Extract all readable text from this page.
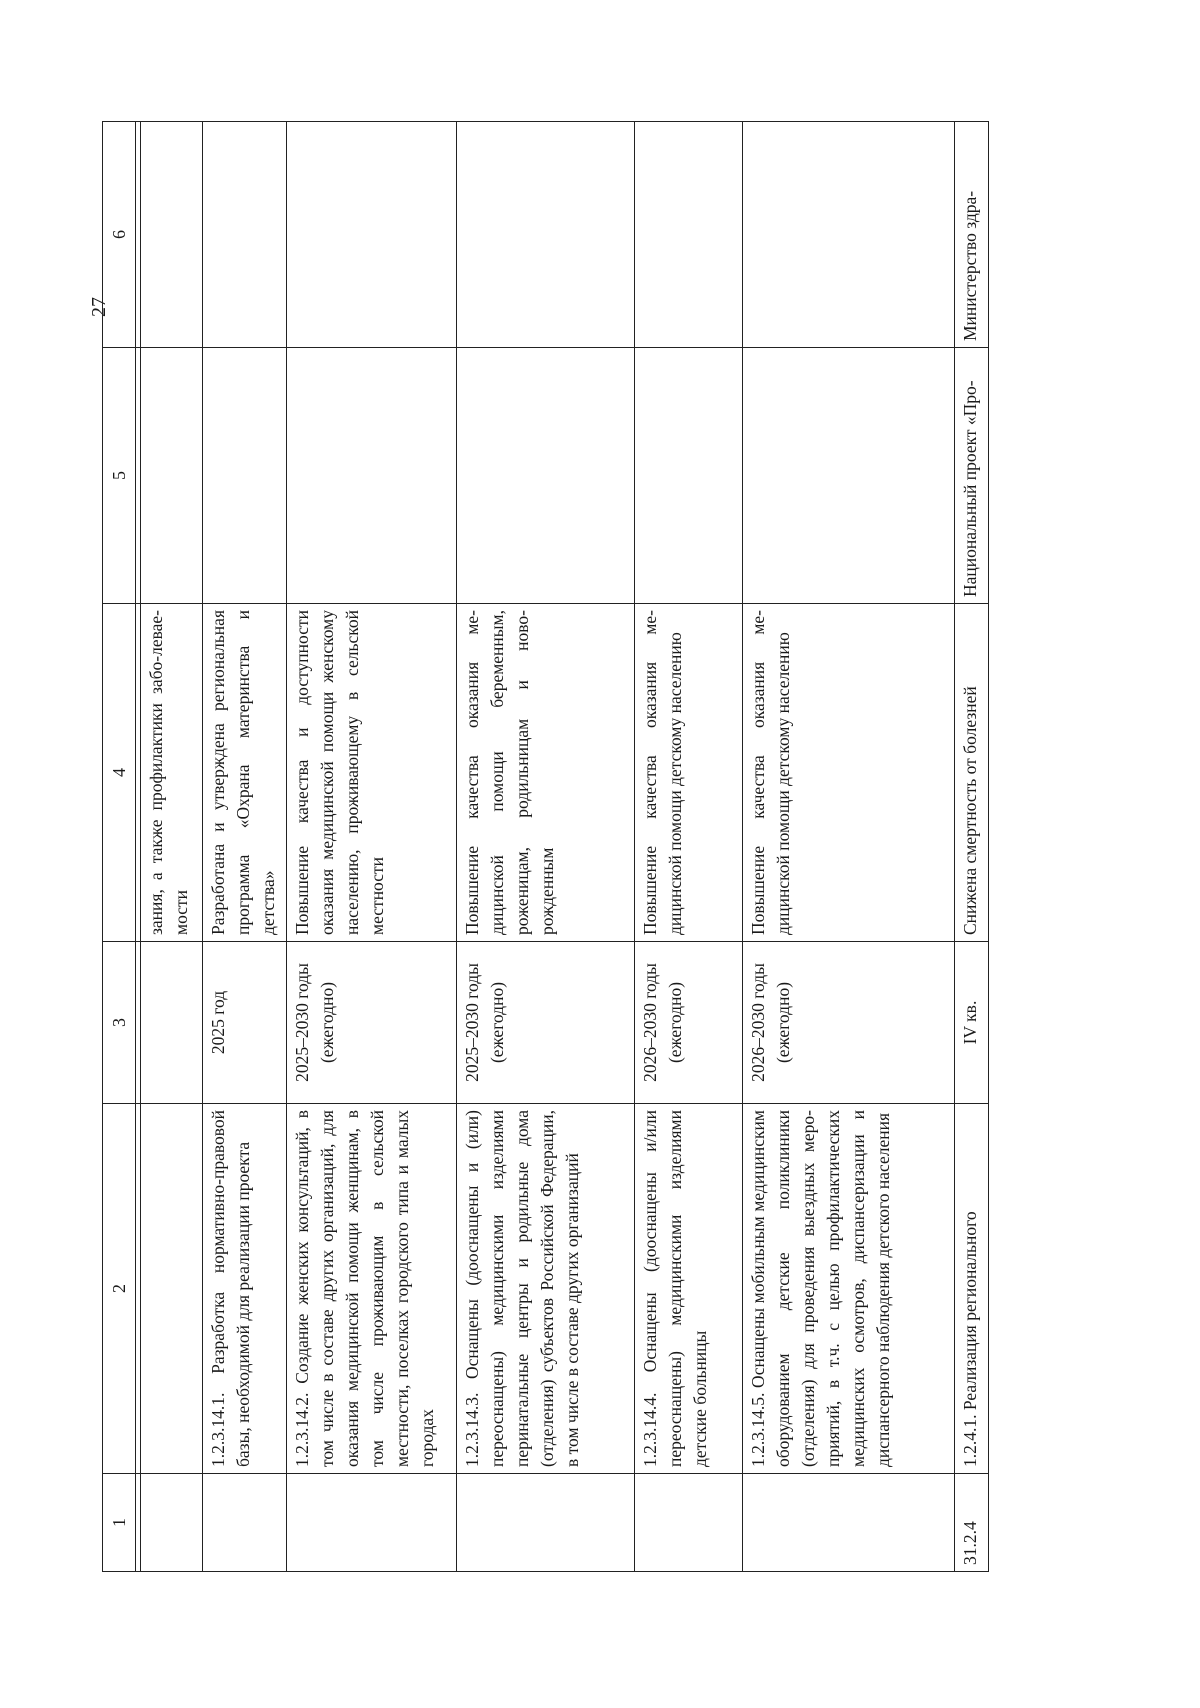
27
1	2	3	4	5	6

			зания, а также профилактики забо-леваемости		
	1.2.3.14.1. Разработка нормативно-правовой базы, необходимой для реализации проекта	2025 год	Разработана и утверждена региональная программа «Охрана материнства и детства»		
	1.2.3.14.2. Создание женских консультаций, в том числе в составе других организаций, для оказания медицинской помощи женщинам, в том числе проживающим в сельской местности, поселках городского типа и малых городах	2025–2030 годы (ежегодно)	Повышение качества и доступности оказания медицинской помощи женскому населению, проживающему в сельской местности		
	1.2.3.14.3. Оснащены (дооснащены и (или) переоснащены) медицинскими изделиями перинатальные центры и родильные дома (отделения) субъектов Российской Федерации, в том числе в составе других организаций	2025–2030 годы (ежегодно)	Повышение качества оказания медицинской помощи беременным, роженицам, родильницам и новорожденным		
	1.2.3.14.4. Оснащены (дооснащены и/или переоснащены) медицинскими изделиями детские больницы	2026–2030 годы (ежегодно)	Повышение качества оказания медицинской помощи детскому населению		
	1.2.3.14.5. Оснащены мобильным медицинским оборудованием детские поликлиники (отделения) для проведения выездных мероприятий, в т.ч. с целью профилактических медицинских осмотров, диспансеризации и диспансерного наблюдения детского населения	2026–2030 годы (ежегодно)	Повышение качества оказания медицинской помощи детскому населению		
31.2.4	1.2.4.1. Реализация регионального	IV кв.	Снижена смертность от болезней	Национальный проект «Про-	Министерство здра-
